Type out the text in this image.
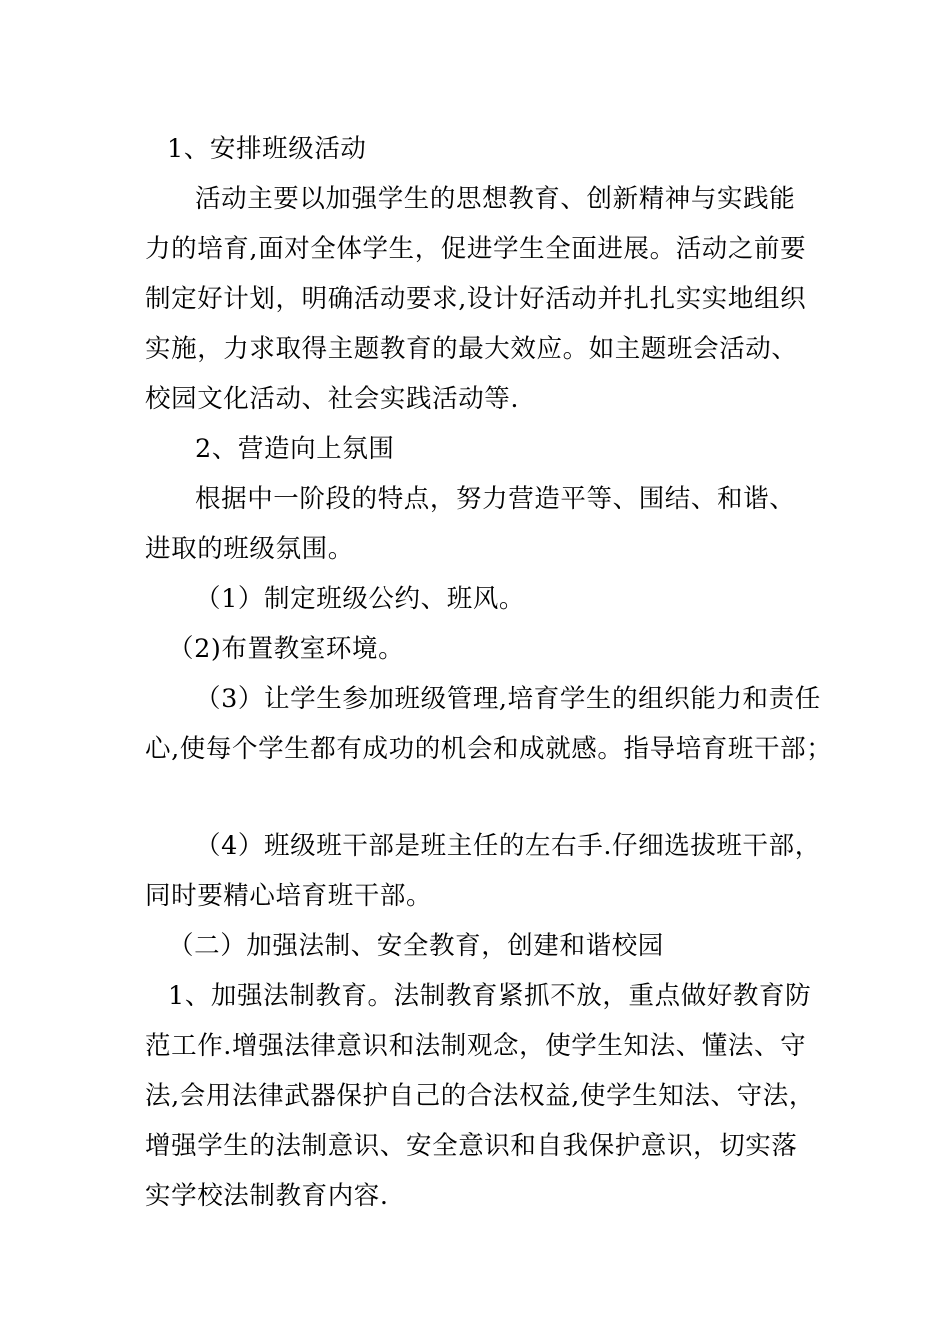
1、安排班级活动
活动主要以加强学生的思想教育、创新精神与实践能
力的培育,面对全体学生，促进学生全面进展。活动之前要
制定好计划，明确活动要求,设计好活动并扎扎实实地组织
实施，力求取得主题教育的最大效应。如主题班会活动、
校园文化活动、社会实践活动等.
2、营造向上氛围
根据中一阶段的特点，努力营造平等、围结、和谐、
进取的班级氛围。
（1）制定班级公约、班风。
（2)布置教室环境。
（3）让学生参加班级管理,培育学生的组织能力和责任
心,使每个学生都有成功的机会和成就感。指导培育班干部；
（4）班级班干部是班主任的左右手.仔细选拔班干部，
同时要精心培育班干部。
（二）加强法制、安全教育，创建和谐校园
1、加强法制教育。法制教育紧抓不放，重点做好教育防
范工作.增强法律意识和法制观念，使学生知法、懂法、守
法,会用法律武器保护自己的合法权益,使学生知法、守法，
增强学生的法制意识、安全意识和自我保护意识，切实落
实学校法制教育内容.
